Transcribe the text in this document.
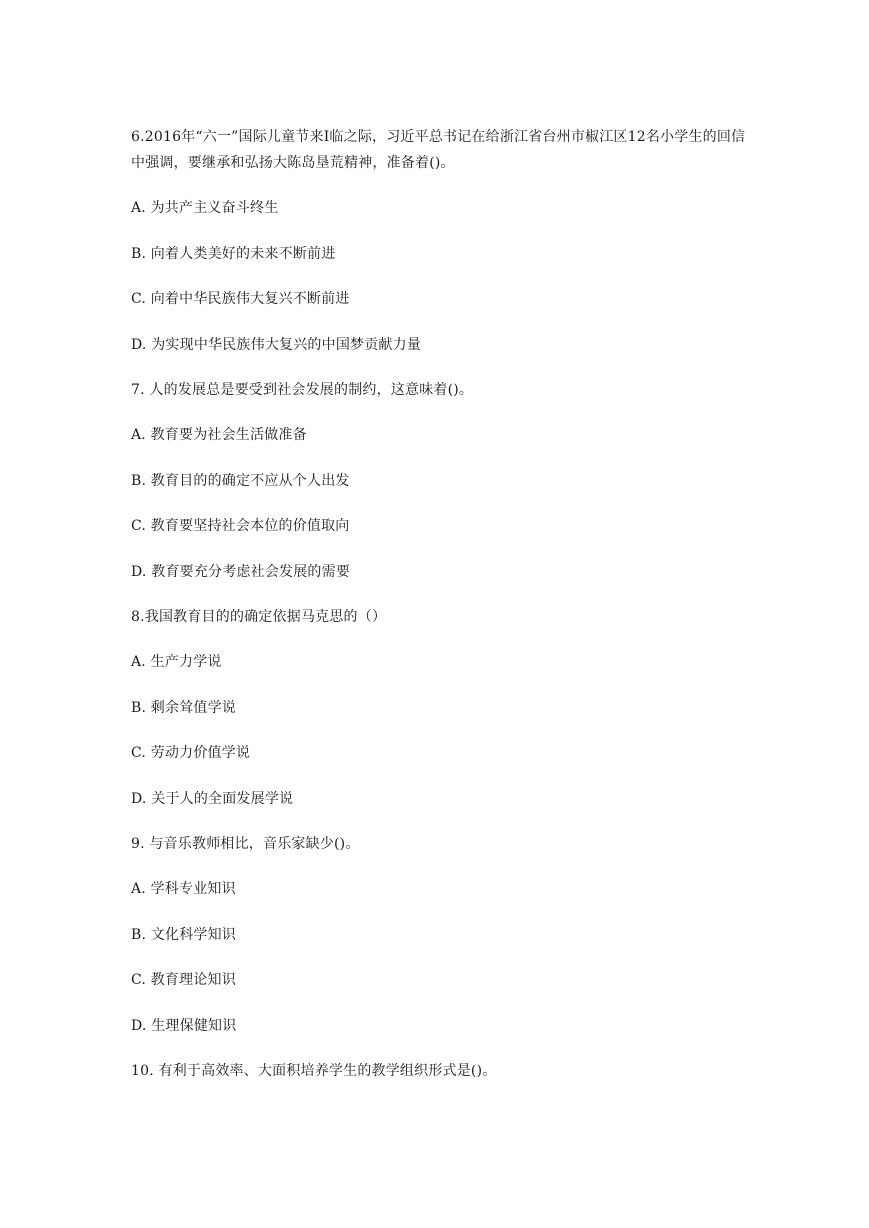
6.2016年“六一”国际儿童节来I临之际，习近平总书记在给浙江省台州市椒江区12名小学生的回信中强调，要继承和弘扬大陈岛垦荒精神，准备着()。
A. 为共产主义奋斗终生
B. 向着人类美好的未来不断前进
C. 向着中华民族伟大复兴不断前进
D. 为实现中华民族伟大复兴的中国梦贡献力量
7. 人的发展总是要受到社会发展的制约，这意味着()。
A. 教育要为社会生活做准备
B. 教育目的的确定不应从个人出发
C. 教育要坚持社会本位的价值取向
D. 教育要充分考虑社会发展的需要
8.我国教育目的的确定依据马克思的（）
A. 生产力学说
B. 剩余耸值学说
C. 劳动力价值学说
D. 关于人的全面发展学说
9. 与音乐教师相比，音乐家缺少()。
A. 学科专业知识
B. 文化科学知识
C. 教育理论知识
D. 生理保健知识
10. 有利于高效率、大面积培养学生的教学组织形式是()。
